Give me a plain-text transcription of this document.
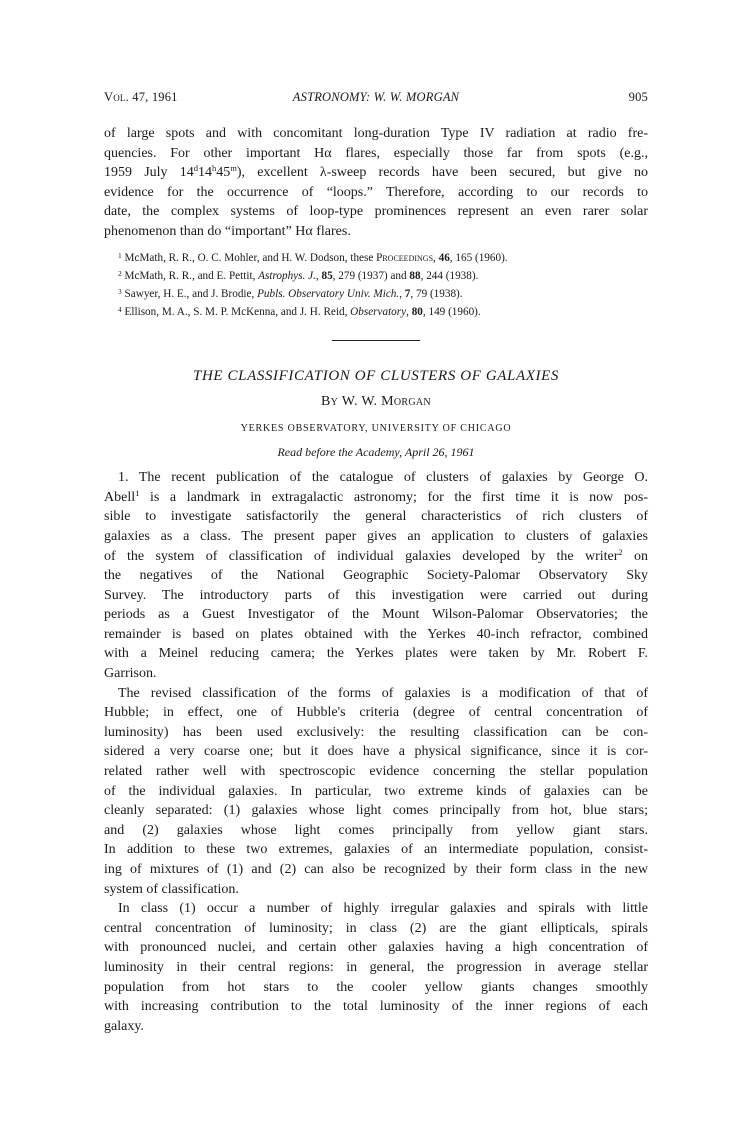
Vol. 47, 1961	ASTRONOMY: W. W. MORGAN	905
of large spots and with concomitant long-duration Type IV radiation at radio fre-
quencies. For other important Hα flares, especially those far from spots (e.g.,
1959 July 14$^d$14$^h$45$^m$), excellent λ-sweep records have been secured, but give no
evidence for the occurrence of “loops.” Therefore, according to our records to
date, the complex systems of loop-type prominences represent an even rarer solar
phenomenon than do “important” Hα flares.
$^1$ McMath, R. R., O. C. Mohler, and H. W. Dodson, these Proceedings, 46, 165 (1960).
$^2$ McMath, R. R., and E. Pettit, Astrophys. J., 85, 279 (1937) and 88, 244 (1938).
$^3$ Sawyer, H. E., and J. Brodie, Publs. Observatory Univ. Mich., 7, 79 (1938).
$^4$ Ellison, M. A., S. M. P. McKenna, and J. H. Reid, Observatory, 80, 149 (1960).
THE CLASSIFICATION OF CLUSTERS OF GALAXIES
By W. W. Morgan
YERKES OBSERVATORY, UNIVERSITY OF CHICAGO
Read before the Academy, April 26, 1961
1. The recent publication of the catalogue of clusters of galaxies by George O.
Abell$^1$ is a landmark in extragalactic astronomy; for the first time it is now pos-
sible to investigate satisfactorily the general characteristics of rich clusters of
galaxies as a class. The present paper gives an application to clusters of galaxies
of the system of classification of individual galaxies developed by the writer$^2$ on
the negatives of the National Geographic Society-Palomar Observatory Sky
Survey. The introductory parts of this investigation were carried out during
periods as a Guest Investigator of the Mount Wilson-Palomar Observatories; the
remainder is based on plates obtained with the Yerkes 40-inch refractor, combined
with a Meinel reducing camera; the Yerkes plates were taken by Mr. Robert F.
Garrison.
The revised classification of the forms of galaxies is a modification of that of
Hubble; in effect, one of Hubble's criteria (degree of central concentration of
luminosity) has been used exclusively: the resulting classification can be con-
sidered a very coarse one; but it does have a physical significance, since it is cor-
related rather well with spectroscopic evidence concerning the stellar population
of the individual galaxies. In particular, two extreme kinds of galaxies can be
cleanly separated: (1) galaxies whose light comes principally from hot, blue stars;
and (2) galaxies whose light comes principally from yellow giant stars.
In addition to these two extremes, galaxies of an intermediate population, consist-
ing of mixtures of (1) and (2) can also be recognized by their form class in the new
system of classification.
In class (1) occur a number of highly irregular galaxies and spirals with little
central concentration of luminosity; in class (2) are the giant ellipticals, spirals
with pronounced nuclei, and certain other galaxies having a high concentration of
luminosity in their central regions: in general, the progression in average stellar
population from hot stars to the cooler yellow giants changes smoothly
with increasing contribution to the total luminosity of the inner regions of each
galaxy.
